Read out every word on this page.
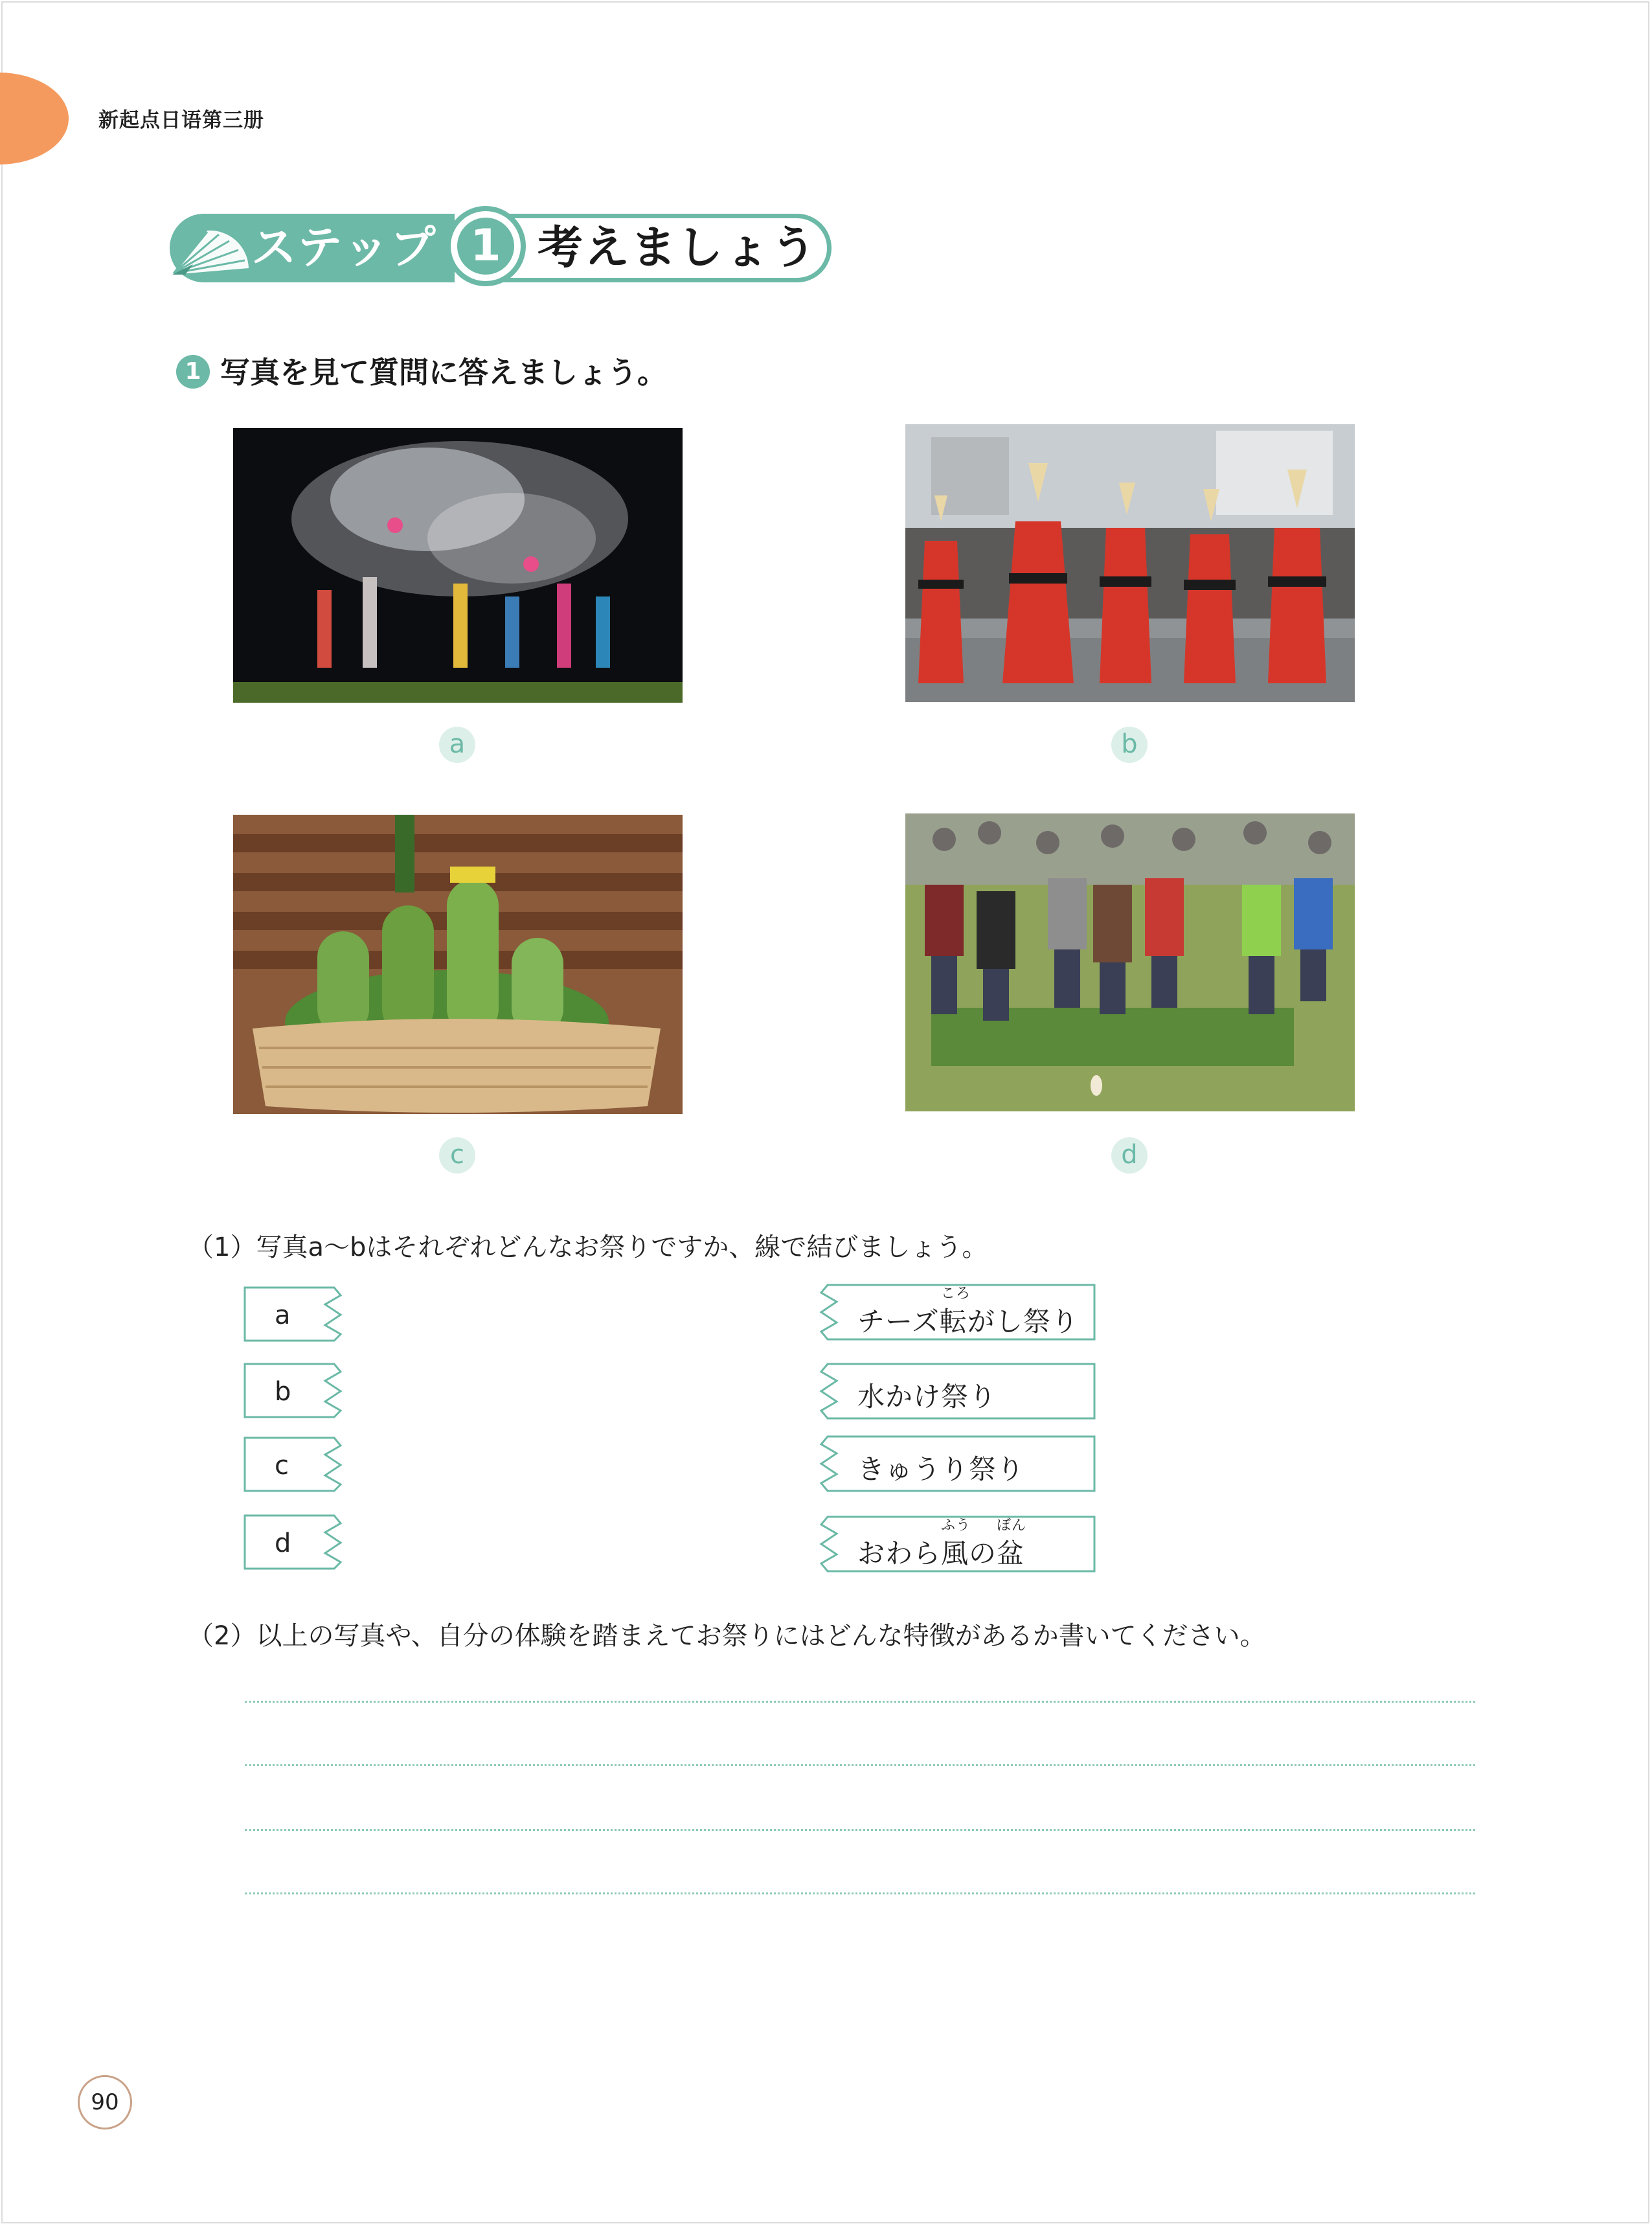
新起点日语第三册
ステップ 1 考えましょう
1 写真を見て質問に答えましょう。
a	b
c	d
（1）写真a〜bはそれぞれどんなお祭りですか、線で結びましょう。
a
b
c
d
チーズ
ころ
転がし祭り
水かけ祭り
きゅうり祭り
おわら
ふう
風の
ぼん
盆
（2）以上の写真や、自分の体験を踏まえてお祭りにはどんな特徴があるか書いてください。
90
